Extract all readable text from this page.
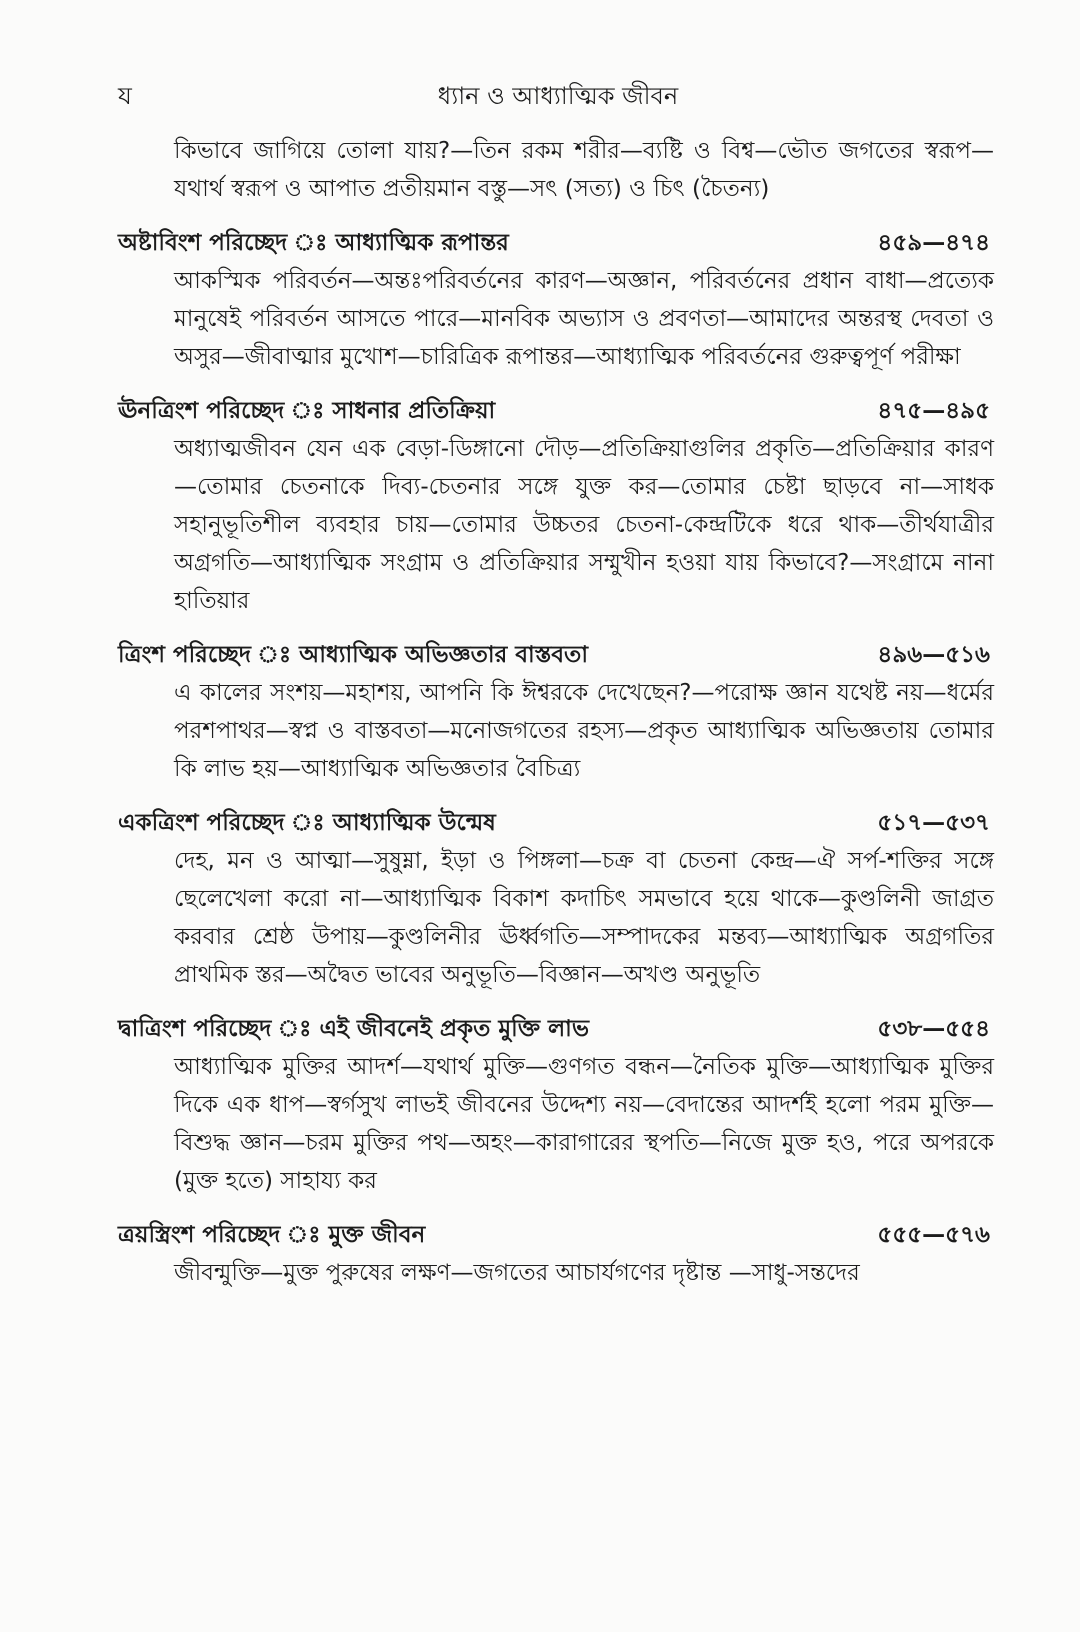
য	ধ্যান ও আধ্যাত্মিক জীবন
কিভাবে জাগিয়ে তোলা যায়?—তিন রকম শরীর—ব্যষ্টি ও বিশ্ব—ভৌত জগতের স্বরূপ—যথার্থ স্বরূপ ও আপাত প্রতীয়মান বস্তু—সৎ (সত্য) ও চিৎ (চৈতন্য)
অষ্টাবিংশ পরিচ্ছেদ ঃ আধ্যাত্মিক রূপান্তর	৪৫৯—৪৭৪
আকস্মিক পরিবর্তন—অন্তঃপরিবর্তনের কারণ—অজ্ঞান, পরিবর্তনের প্রধান বাধা—প্রত্যেক মানুষেই পরিবর্তন আসতে পারে—মানবিক অভ্যাস ও প্রবণতা—আমাদের অন্তরস্থ দেবতা ও অসুর—জীবাত্মার মুখোশ—চারিত্রিক রূপান্তর—আধ্যাত্মিক পরিবর্তনের গুরুত্বপূর্ণ পরীক্ষা
ঊনত্রিংশ পরিচ্ছেদ ঃ সাধনার প্রতিক্রিয়া	৪৭৫—৪৯৫
অধ্যাত্মজীবন যেন এক বেড়া-ডিঙ্গানো দৌড়—প্রতিক্রিয়াগুলির প্রকৃতি—প্রতিক্রিয়ার কারণ—তোমার চেতনাকে দিব্য-চেতনার সঙ্গে যুক্ত কর—তোমার চেষ্টা ছাড়বে না—সাধক সহানুভূতিশীল ব্যবহার চায়—তোমার উচ্চতর চেতনা-কেন্দ্রটিকে ধরে থাক—তীর্থযাত্রীর অগ্রগতি—আধ্যাত্মিক সংগ্রাম ও প্রতিক্রিয়ার সম্মুখীন হওয়া যায় কিভাবে?—সংগ্রামে নানা হাতিয়ার
ত্রিংশ পরিচ্ছেদ ঃ আধ্যাত্মিক অভিজ্ঞতার বাস্তবতা	৪৯৬—৫১৬
এ কালের সংশয়—মহাশয়, আপনি কি ঈশ্বরকে দেখেছেন?—পরোক্ষ জ্ঞান যথেষ্ট নয়—ধর্মের পরশপাথর—স্বপ্ন ও বাস্তবতা—মনোজগতের রহস্য—প্রকৃত আধ্যাত্মিক অভিজ্ঞতায় তোমার কি লাভ হয়—আধ্যাত্মিক অভিজ্ঞতার বৈচিত্র্য
একত্রিংশ পরিচ্ছেদ ঃ আধ্যাত্মিক উন্মেষ	৫১৭—৫৩৭
দেহ, মন ও আত্মা—সুষুম্না, ইড়া ও পিঙ্গলা—চক্র বা চেতনা কেন্দ্র—ঐ সর্প-শক্তির সঙ্গে ছেলেখেলা করো না—আধ্যাত্মিক বিকাশ কদাচিৎ সমভাবে হয়ে থাকে—কুণ্ডলিনী জাগ্রত করবার শ্রেষ্ঠ উপায়—কুণ্ডলিনীর ঊর্ধ্বগতি—সম্পাদকের মন্তব্য—আধ্যাত্মিক অগ্রগতির প্রাথমিক স্তর—অদ্বৈত ভাবের অনুভূতি—বিজ্ঞান—অখণ্ড অনুভূতি
দ্বাত্রিংশ পরিচ্ছেদ ঃ এই জীবনেই প্রকৃত মুক্তি লাভ	৫৩৮—৫৫৪
আধ্যাত্মিক মুক্তির আদর্শ—যথার্থ মুক্তি—গুণগত বন্ধন—নৈতিক মুক্তি—আধ্যাত্মিক মুক্তির দিকে এক ধাপ—স্বর্গসুখ লাভই জীবনের উদ্দেশ্য নয়—বেদান্তের আদর্শই হলো পরম মুক্তি—বিশুদ্ধ জ্ঞান—চরম মুক্তির পথ—অহং—কারাগারের স্থপতি—নিজে মুক্ত হও, পরে অপরকে (মুক্ত হতে) সাহায্য কর
ত্রয়স্ত্রিংশ পরিচ্ছেদ ঃ মুক্ত জীবন	৫৫৫—৫৭৬
জীবন্মুক্তি—মুক্ত পুরুষের লক্ষণ—জগতের আচার্যগণের দৃষ্টান্ত —সাধু-সন্তদের
